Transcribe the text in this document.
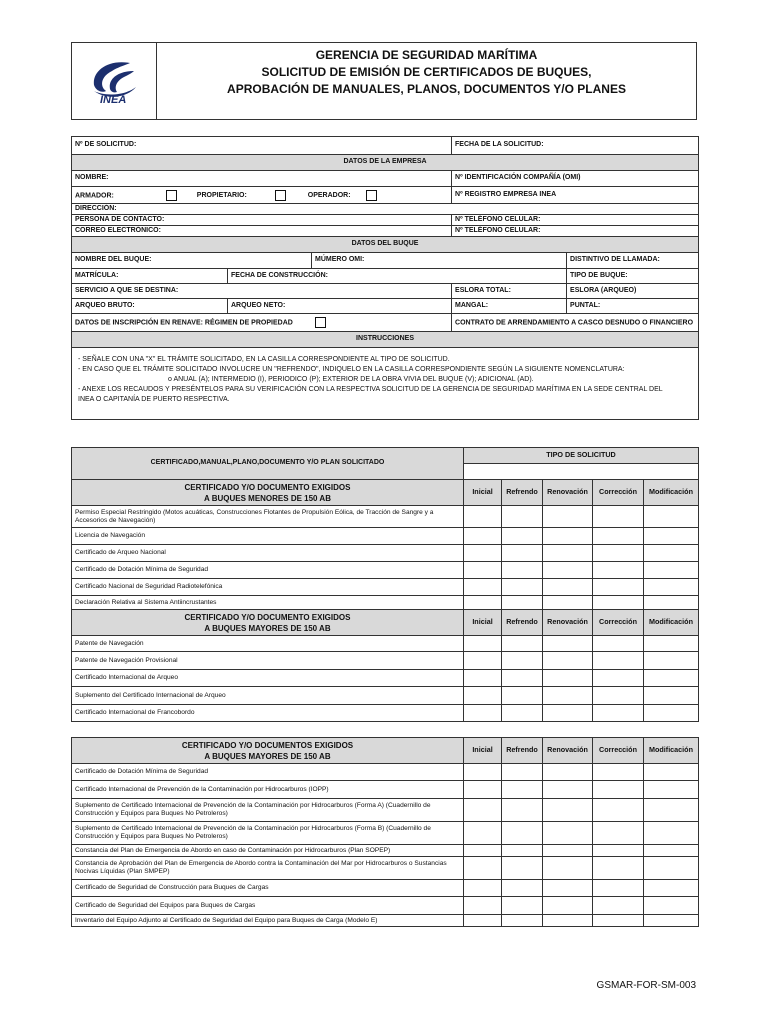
INEA
GERENCIA DE SEGURIDAD MARÍTIMA
SOLICITUD DE EMISIÓN DE CERTIFICADOS DE BUQUES,
APROBACIÓN DE MANUALES, PLANOS, DOCUMENTOS Y/O PLANES
Nº DE SOLICITUD:			FECHA DE LA SOLICITUD:	
DATOS DE LA EMPRESA				
NOMBRE:			Nº IDENTIFICACIÓN COMPAÑÍA (OMI)	
ARMADOR: PROPIETARIO: OPERADOR:			Nº REGISTRO EMPRESA INEA	
DIRECCIÓN:				
PERSONA DE CONTACTO:			Nº TELÉFONO CELULAR:	
CORREO ELECTRÓNICO:			Nº TELÉFONO CELULAR:	
DATOS DEL BUQUE				
NOMBRE DEL BUQUE:		MÚMERO OMI:		DISTINTIVO DE LLAMADA:
MATRÍCULA:	FECHA DE CONSTRUCCIÓN:			TIPO DE BUQUE:
SERVICIO A QUE SE DESTINA:			ESLORA TOTAL:	ESLORA (ARQUEO)
ARQUEO BRUTO:	ARQUEO NETO:		MANGAL:	PUNTAL:
DATOS DE INSCRIPCIÓN EN RENAVE: RÉGIMEN DE PROPIEDAD			CONTRATO DE ARRENDAMIENTO A CASCO DESNUDO O FINANCIERO	
INSTRUCCIONES				

- SEÑALE CON UNA "X" EL TRÁMITE SOLICITADO, EN LA CASILLA CORRESPONDIENTE AL TIPO DE SOLICITUD.
- EN CASO QUE EL TRÁMITE SOLICITADO INVOLUCRE UN "REFRENDO", INDIQUELO EN LA CASILLA CORRESPONDIENTE SEGÚN LA SIGUIENTE NOMENCLATURA:
o ANUAL (A); INTERMEDIO (I), PERIODICO (P); EXTERIOR DE LA OBRA VIVIA DEL BUQUE (V); ADICIONAL (AD).
- ANEXE LOS RECAUDOS Y PRESÉNTELOS PARA SU VERIFICACIÓN CON LA RESPECTIVA SOLICITUD DE LA GERENCIA DE SEGURIDAD MARÍTIMA EN LA SEDE CENTRAL DEL
INEA O CAPITANÍA DE PUERTO RESPECTIVA.				
CERTIFICADO,MANUAL,PLANO,DOCUMENTO Y/O PLAN SOLICITADO	TIPO DE SOLICITUD				

CERTIFICADO Y/O DOCUMENTO EXIGIDOS
A BUQUES MENORES DE 150 AB	Inicial	Refrendo	Renovación	Corrección	Modificación
Permiso Especial Restringido (Motos acuáticas, Construcciones Flotantes de Propulsión Eólica, de Tracción de Sangre y a Accesorios de Navegación)					
Licencia de Navegación					
Certificado de Arqueo Nacional					
Certificado de Dotación Mínima de Seguridad					
Certificado Nacional de Seguridad Radiotelefónica					
Declaración Relativa al Sistema Antiincrustantes					

CERTIFICADO Y/O DOCUMENTO EXIGIDOS
A BUQUES MAYORES DE 150 AB	Inicial	Refrendo	Renovación	Corrección	Modificación
Patente de Navegación					
Patente de Navegación Provisional					
Certificado Internacional de Arqueo					
Suplemento del Certificado Internacional de Arqueo					
Certificado Internacional de Francobordo					
CERTIFICADO Y/O DOCUMENTOS EXIGIDOS
A BUQUES MAYORES DE 150 AB	Inicial	Refrendo	Renovación	Corrección	Modificación
Certificado de Dotación Mínima de Seguridad					
Certificado Internacional de Prevención de la Contaminación por Hidrocarburos (IOPP)					
Suplemento de Certificado Internacional de Prevención de la Contaminación por Hidrocarburos (Forma A) (Cuadernillo de Construcción y Equipos para Buques No Petroleros)					
Suplemento de Certificado Internacional de Prevención de la Contaminación por Hidrocarburos (Forma B) (Cuadernillo de Construcción y Equipos para Buques No Petroleros)					
Constancia del Plan de Emergencia de Abordo en caso de Contaminación por Hidrocarburos (Plan SOPEP)					
Constancia de Aprobación del Plan de Emergencia de Abordo contra la Contaminación del Mar por Hidrocarburos o Sustancias Nocivas Líquidas (Plan SMPEP)					
Certificado de Seguridad de Construcción para Buques de Cargas					
Certificado de Seguridad del Equipos para Buques de Cargas					
Inventario del Equipo Adjunto al Certificado de Seguridad del Equipo para Buques de Carga (Modelo E)					
GSMAR-FOR-SM-003
